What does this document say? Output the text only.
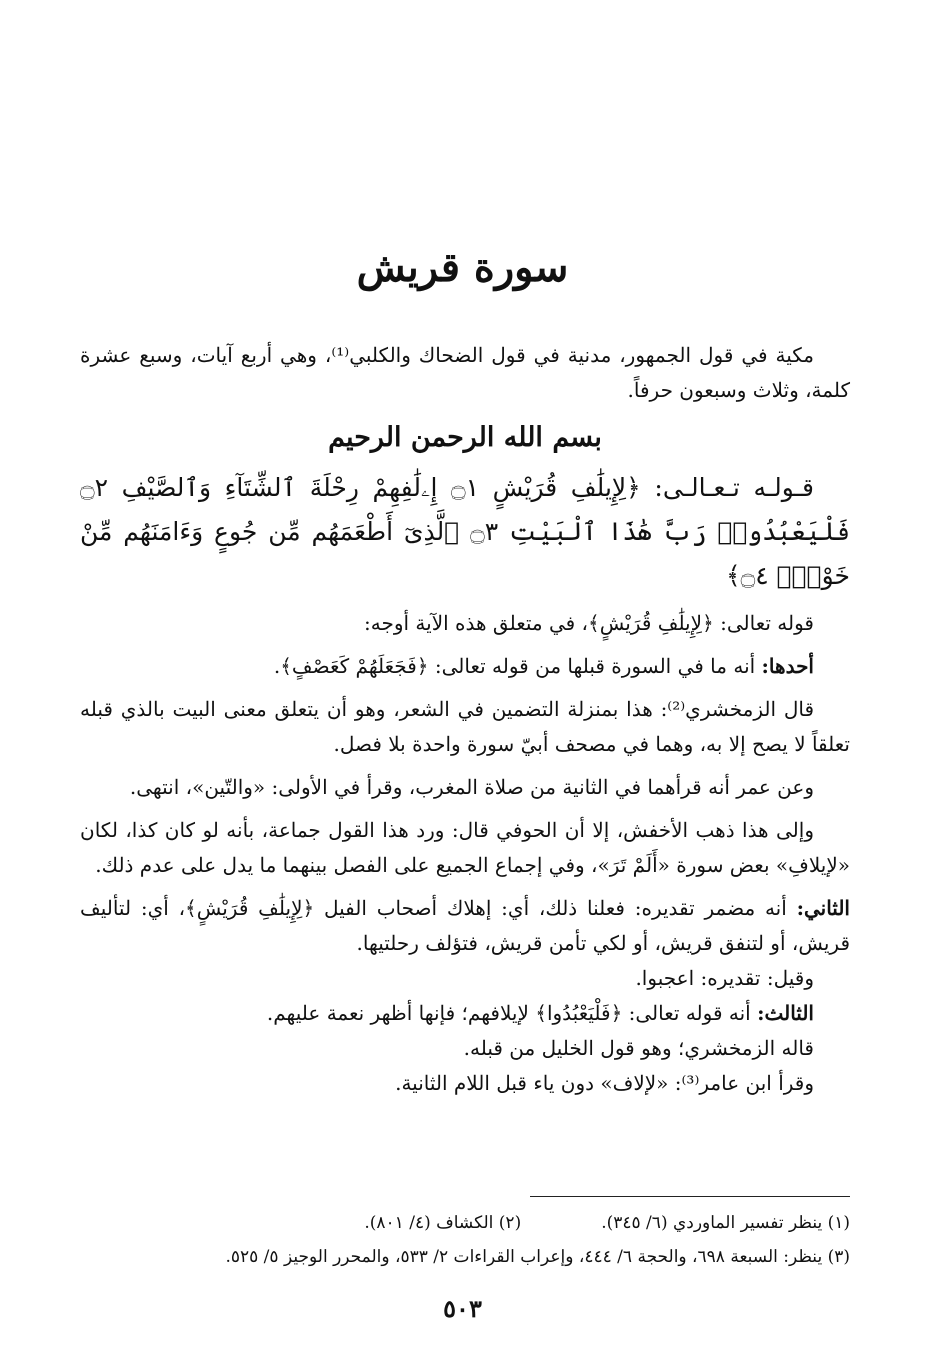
سورة قريش

مكية في قول الجمهور، مدنية في قول الضحاك والكلبي⁽¹⁾، وهي أربع آيات، وسبع عشرة كلمة، وثلاث وسبعون حرفاً.

بسم الله الرحمن الرحيم

قـولـه تـعـالـى: ﴿لِإِيلَٰفِ قُرَيْشٍ ۝١ إِۦلَٰفِهِمْ رِحْلَةَ ٱلشِّتَآءِ وَٱلصَّيْفِ ۝٢ فَلْيَعْبُدُوا۟ رَبَّ هَٰذَا ٱلْبَيْتِ ۝٣ ٱلَّذِىٓ أَطْعَمَهُم مِّن جُوعٍ وَءَامَنَهُم مِّنْ خَوْفٍۭ ۝٤﴾

قوله تعالى: ﴿لِإِيلَٰفِ قُرَيْشٍ﴾، في متعلق هذه الآية أوجه:

أحدها: أنه ما في السورة قبلها من قوله تعالى: ﴿فَجَعَلَهُمْ كَعَصْفٍ﴾.

قال الزمخشري⁽²⁾: هذا بمنزلة التضمين في الشعر، وهو أن يتعلق معنى البيت بالذي قبله تعلقاً لا يصح إلا به، وهما في مصحف أبيّ سورة واحدة بلا فصل.

وعن عمر أنه قرأهما في الثانية من صلاة المغرب، وقرأ في الأولى: «والتّين»، انتهى.

وإلى هذا ذهب الأخفش، إلا أن الحوفي قال: ورد هذا القول جماعة، بأنه لو كان كذا، لكان «لإيلافِ» بعض سورة «أَلَمْ تَرَ»، وفي إجماع الجميع على الفصل بينهما ما يدل على عدم ذلك.

الثاني: أنه مضمر تقديره: فعلنا ذلك، أي: إهلاك أصحاب الفيل ﴿لِإِيلَٰفِ قُرَيْشٍ﴾، أي: لتأليف قريش، أو لتنفق قريش، أو لكي تأمن قريش، فتؤلف رحلتيها.

وقيل: تقديره: اعجبوا.

الثالث: أنه قوله تعالى: ﴿فَلْيَعْبُدُوا﴾ لإيلافهم؛ فإنها أظهر نعمة عليهم.

قاله الزمخشري؛ وهو قول الخليل من قبله.

وقرأ ابن عامر⁽³⁾: «لإلاف» دون ياء قبل اللام الثانية.

(١) ينظر تفسير الماوردي (٦/ ٣٤٥).
(٢) الكشاف (٤/ ٨٠١).
(٣) ينظر: السبعة ٦٩٨، والحجة ٦/ ٤٤٤، وإعراب القراءات ٢/ ٥٣٣، والمحرر الوجيز ٥/ ٥٢٥.
٥٠٣
